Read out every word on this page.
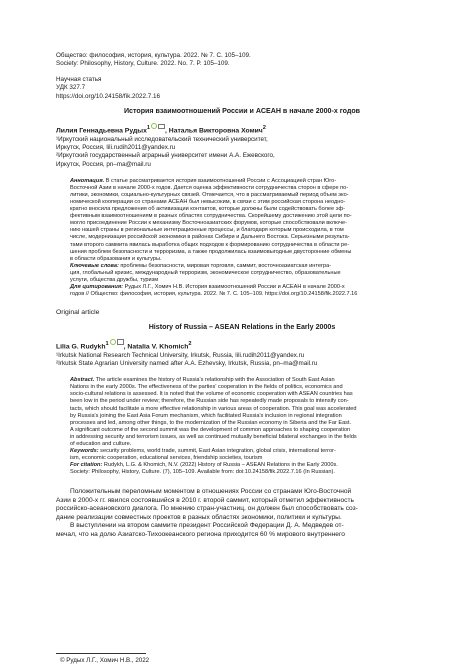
Общество: философия, история, культура. 2022. № 7. С. 105–109.
Society: Philosophy, History, Culture. 2022. No. 7. P. 105–109.
Научная статья
УДК 327.7
https://doi.org/10.24158/fik.2022.7.16
История взаимоотношений России и АСЕАН в начале 2000-х годов
Лилия Геннадьевна Рудых$^1$ , Наталья Викторовна Хомич$^2$
¹Иркутский национальный исследовательский технический университет,
Иркутск, Россия, lili.rudih2011@yandex.ru
²Иркутский государственный аграрный университет имени А.А. Ежевского,
Иркутск, Россия, pn–ma@mail.ru
Аннотация. В статье рассматривается история взаимоотношений России с Ассоциацией стран Юго-
Восточной Азии в начале 2000-х годов. Дается оценка эффективности сотрудничества сторон в сфере по-
литики, экономики, социально-культурных связей. Отмечается, что в рассматриваемый период объем эко-
номической кооперации со странами АСЕАН был невысоким, в связи с этим российская сторона неодно-
кратно вносила предложения об активизации контактов, которые должны были содействовать более эф-
фективным взаимоотношениям в разных областях сотрудничества. Скорейшему достижению этой цели по-
могло присоединение России к механизму Восточноазиатских форумов, которые способствовали включе-
нию нашей страны в региональные интеграционные процессы, и благодаря которым происходила, в том
числе, модернизация российской экономики в районах Сибири и Дальнего Востока. Серьезными результа-
тами второго саммита явилась выработка общих подходов к формированию сотрудничества в области ре-
шения проблем безопасности и терроризма, а также продолжилась взаимовыгодные двусторонние обмены
в области образования и культуры.
Ключевые слова: проблемы безопасности, мировая торговля, саммит, восточноазиатская интегра-
ция, глобальный кризис, международный терроризм, экономическое сотрудничество, образовательные
услуги, общества дружбы, туризм
Для цитирования: Рудых Л.Г., Хомич Н.В. История взаимоотношений России и АСЕАН в начале 2000-х
годов // Общество: философия, история, культура. 2022. № 7. С. 105–109. https://doi.org/10.24158/fik.2022.7.16
Original article
History of Russia – ASEAN Relations in the Early 2000s
Lilia G. Rudykh$^1$ , Natalia V. Khomich$^2$
¹Irkutsk National Research Technical University, Irkutsk, Russia, lili.rudih2011@yandex.ru
²Irkutsk State Agrarian University named after A.A. Ezhevsky, Irkutsk, Russia, pn–ma@mail.ru
Abstract. The article examines the history of Russia's relationship with the Association of South East Asian
Nations in the early 2000s. The effectiveness of the parties' cooperation in the fields of politics, economics and
socio-cultural relations is assessed. It is noted that the volume of economic cooperation with ASEAN countries has
been low in the period under review; therefore, the Russian side has repeatedly made proposals to intensify con-
tacts, which should facilitate a more effective relationship in various areas of cooperation. This goal was accelerated
by Russia's joining the East Asia Forum mechanism, which facilitated Russia's inclusion in regional integration
processes and led, among other things, to the modernization of the Russian economy in Siberia and the Far East.
A significant outcome of the second summit was the development of common approaches to shaping cooperation
in addressing security and terrorism issues, as well as continued mutually beneficial bilateral exchanges in the fields
of education and culture.
Keywords: security problems, world trade, summit, East Asian integration, global crisis, international terror-
ism, economic cooperation, educational services, friendship societies, tourism
For citation: Rudykh, L.G. & Khomich, N.V. (2022) History of Russia – ASEAN Relations in the Early 2000s.
Society: Philosophy, History, Culture. (7), 105–109. Available from: doi:10.24158/fik.2022.7.16 (In Russian).
Положительным переломным моментом в отношениях России со странами Юго-Восточной
Азии в 2000-х гг. явился состоявшийся в 2010 г. второй саммит, который отметил эффективность
российско-асеановского диалога. По мнению стран-участниц, он должен был способствовать соз-
дание реализации совместных проектов в разных областях экономики, политики и культуры.
В выступлении на втором саммите президент Российской Федерации Д. А. Медведев от-
мечал, что на долю Азиатско-Тихоокеанского региона приходится 60 % мирового внутреннего
© Рудых Л.Г., Хомич Н.В., 2022
